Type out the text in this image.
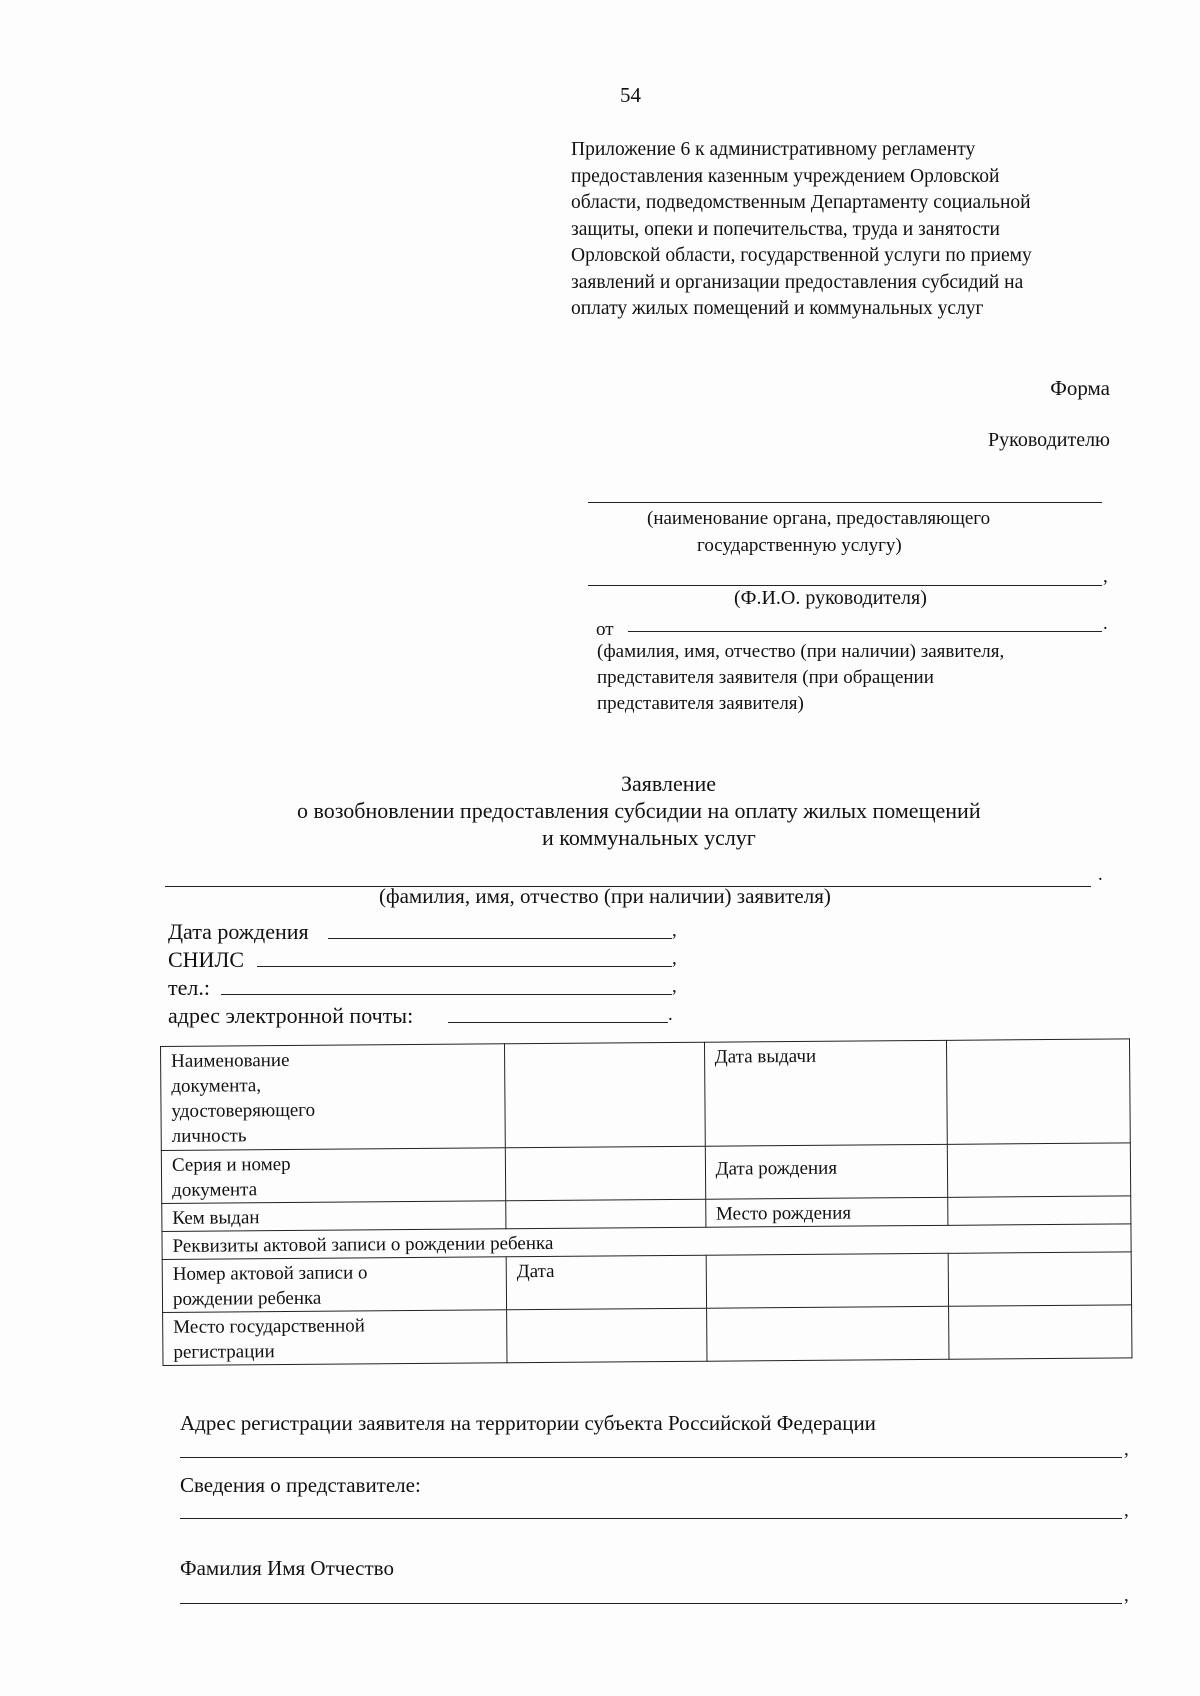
54
Приложение 6 к административному регламенту
предоставления казенным учреждением Орловской
области, подведомственным Департаменту социальной
защиты, опеки и попечительства, труда и занятости
Орловской области, государственной услуги по приему
заявлений и организации предоставления субсидий на
оплату жилых помещений и коммунальных услуг
Форма
Руководителю
(наименование органа, предоставляющего
государственную услугу)
,
(Ф.И.О. руководителя)
от	.
(фамилия, имя, отчество (при наличии) заявителя,
представителя заявителя (при обращении
представителя заявителя)
Заявление
о возобновлении предоставления субсидии на оплату жилых помещений
и коммунальных услуг
.
(фамилия, имя, отчество (при наличии) заявителя)
Дата рождения	,
СНИЛС	,
тел.:	,
адрес электронной почты:	.
Наименование документа, удостоверяющего личность		Дата выдачи	
Серия и номер документа		Дата рождения	
Кем выдан		Место рождения	
Реквизиты актовой записи о рождении ребенка			
Номер актовой записи о рождении ребенка	Дата		
Место государственной регистрации			
Адрес регистрации заявителя на территории субъекта Российской Федерации
,
Сведения о представителе:
,
Фамилия Имя Отчество
,
